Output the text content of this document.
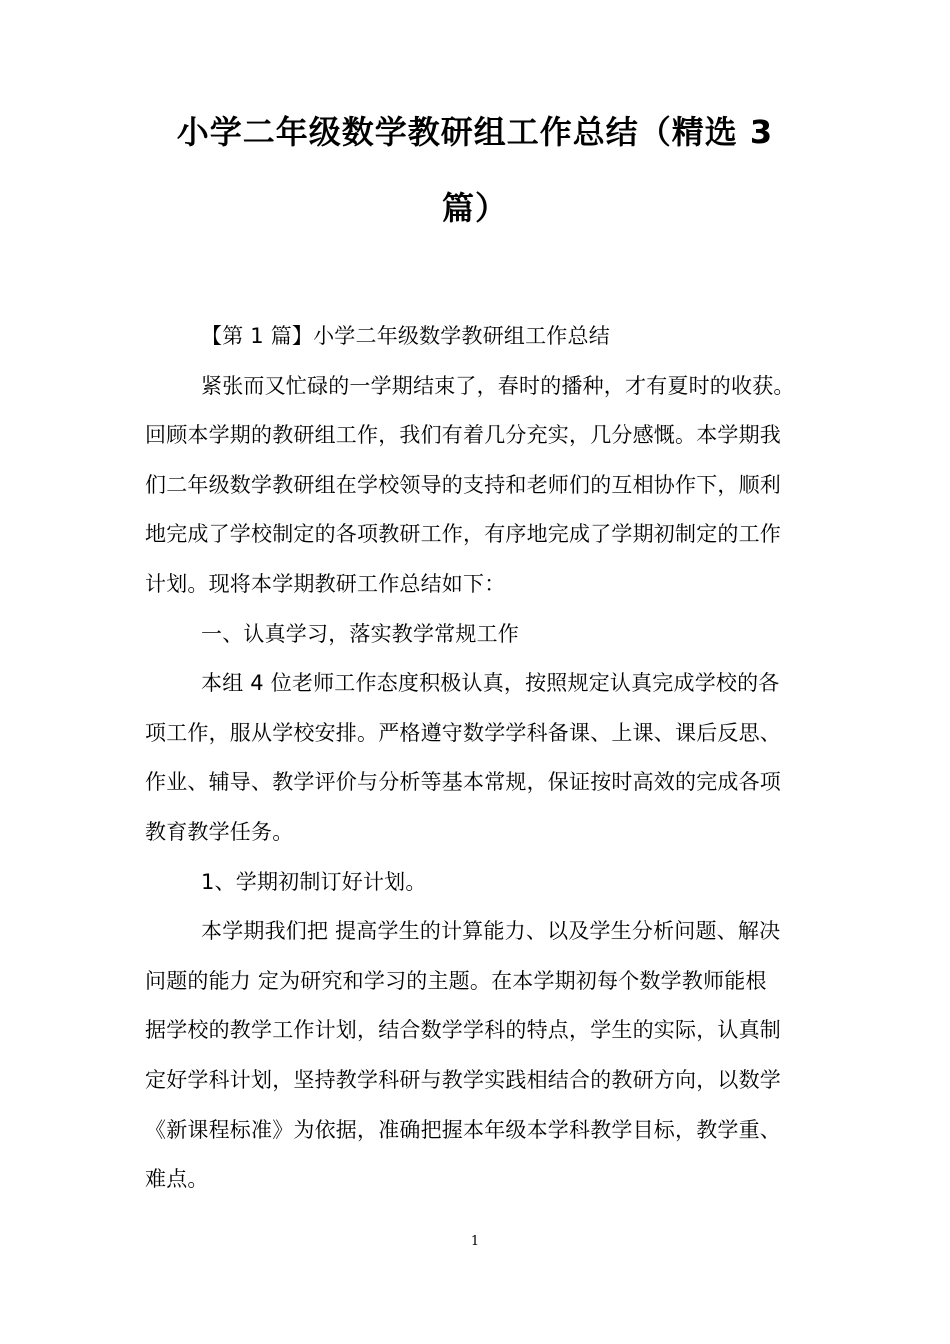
小学二年级数学教研组工作总结（精选 3
篇）
【第 1 篇】小学二年级数学教研组工作总结
紧张而又忙碌的一学期结束了，春时的播种，才有夏时的收获。
回顾本学期的教研组工作，我们有着几分充实，几分感慨。本学期我
们二年级数学教研组在学校领导的支持和老师们的互相协作下，顺利
地完成了学校制定的各项教研工作，有序地完成了学期初制定的工作
计划。现将本学期教研工作总结如下：
一、认真学习，落实教学常规工作
本组 4 位老师工作态度积极认真，按照规定认真完成学校的各
项工作，服从学校安排。严格遵守数学学科备课、上课、课后反思、
作业、辅导、教学评价与分析等基本常规，保证按时高效的完成各项
教育教学任务。
1、学期初制订好计划。
本学期我们把 提高学生的计算能力、以及学生分析问题、解决
问题的能力 定为研究和学习的主题。在本学期初每个数学教师能根
据学校的教学工作计划，结合数学学科的特点，学生的实际，认真制
定好学科计划，坚持教学科研与教学实践相结合的教研方向，以数学
《新课程标准》为依据，准确把握本年级本学科教学目标，教学重、
难点。
1
